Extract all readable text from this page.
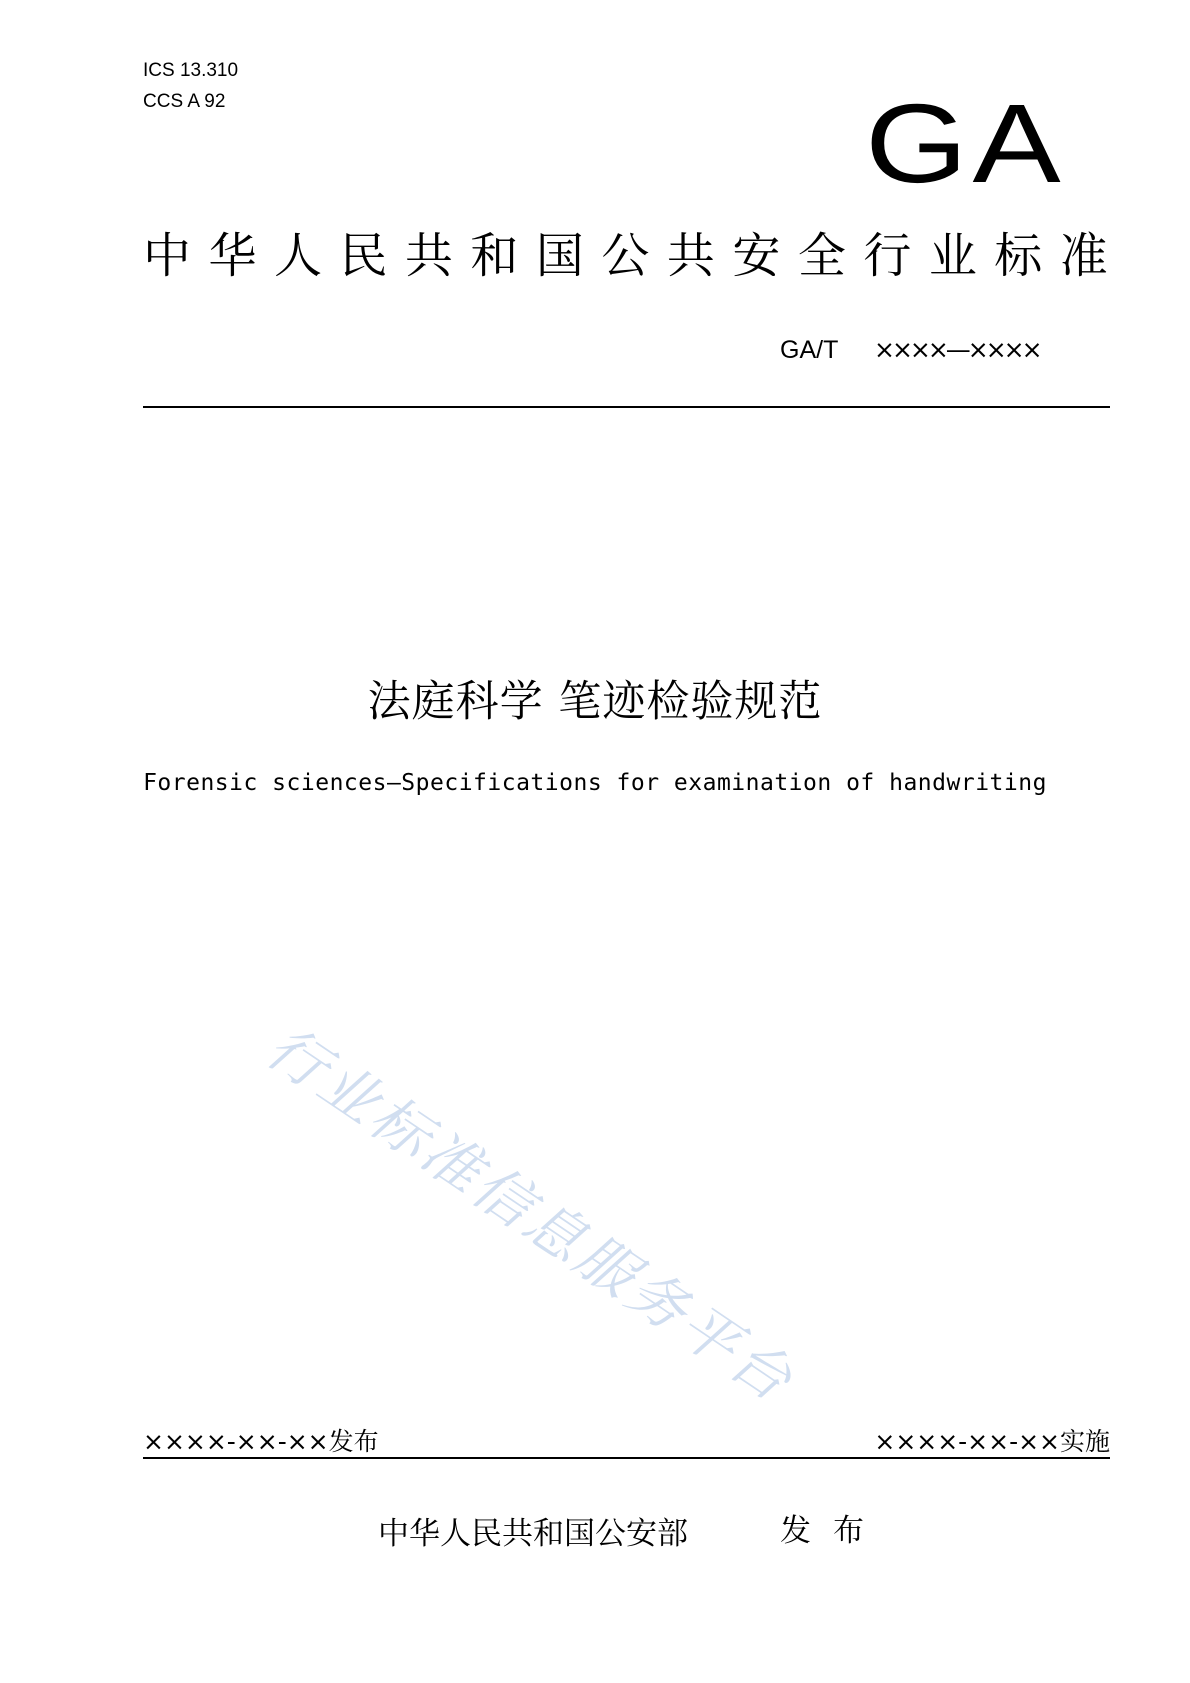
ICS 13.310
CCS A 92	GA
中 华 人 民 共 和 国 公 共 安 全 行 业 标 准
GA/T ××××—××××
法庭科学 笔迹检验规范
Forensic sciences—Specifications for examination of handwriting
行业标准信息服务平台
××××-××-××发布	××××-××-××实施
中华人民共和国公安部	发布
